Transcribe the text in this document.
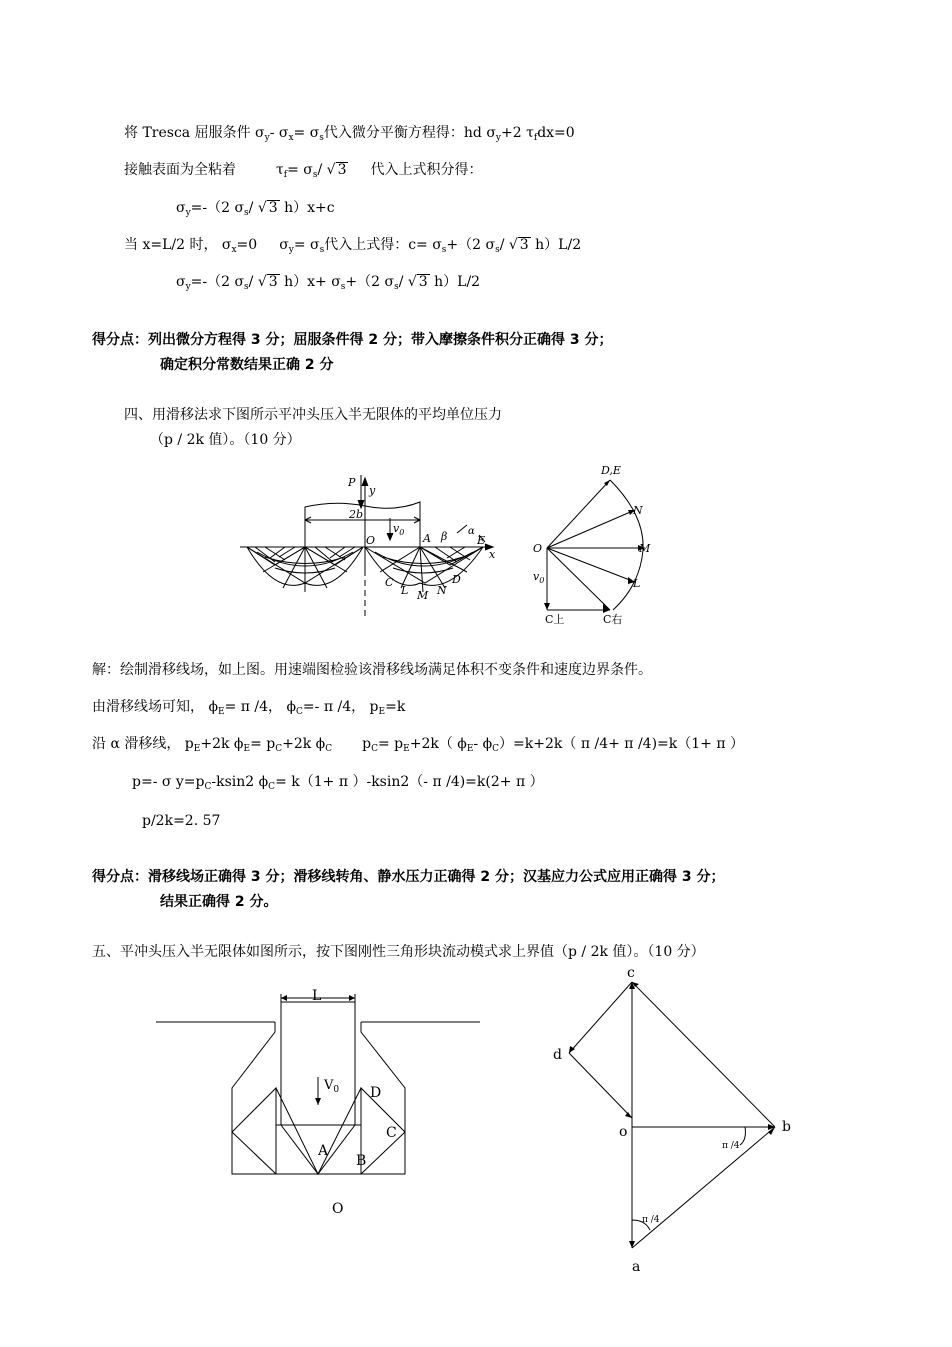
将 Tresca 屈服条件 $\sigma_y-$ $\sigma_x= \sigma_s$代入微分平衡方程得：hd $\sigma_y+2$ $\tau_fdx=0$
接触表面为全粘着	$\tau_f= \sigma_s/$ √ 3 代入上式积分得：
$\sigma_y=-(2$ $\sigma_s/$ √ 3 h）x+c
当 x=L/2 时， $\sigma_x=0$ $\sigma_y= \sigma_s$代入上式得：$c= \sigma_s+(2$ $\sigma_s/$ √ 3 h）L/2
$\sigma_y=-(2$ $\sigma_s/$ √ 3 $h)x+ \sigma_s+(2$ $\sigma_s/$ √ 3 h）L/2
得分点：列出微分方程得 3 分；屈服条件得 2 分；带入摩擦条件积分正确得 3 分；
确定积分常数结果正确 2 分
四、用滑移法求下图所示平冲头压入半无限体的平均单位压力
（p / 2k 值）。（10 分）
P
y
2b
$v_0$
O	A β α
E
x
C
L M N
D
D,E
N
O	M
$v_0$	L
C上	C右
解：绘制滑移线场，如上图。用速端图检验该滑移线场满足体积不变条件和速度边界条件。
由滑移线场可知， $\phi_E= \pi$ /4， $\phi_C=-$ π /4， $p_E=k$
沿 α 滑移线， $p_E+2k$ $\phi_E= p_C+2k$ $\phi_C$ $p_C= p_E+2k$（ $\phi_E-$ $\phi_C)=k+2k$（ π /4+ π /4)=k（1+ π ）
p=- σ $y=p_C-ksin2$ $\phi_C= k(1+ \pi$ ）-ksin2（- π /4)=k(2+ π ）
p/2k=2. 57
得分点：滑移线场正确得 3 分；滑移线转角、静水压力正确得 2 分；汉基应力公式应用正确得 3 分；
结果正确得 2 分。
五、平冲头压入半无限体如图所示，按下图刚性三角形块流动模式求上界值（p / 2k 值）。（10 分）
L
$V_0$ D
C
A
B
O
c
d
o	b
a
π /4
π /4
